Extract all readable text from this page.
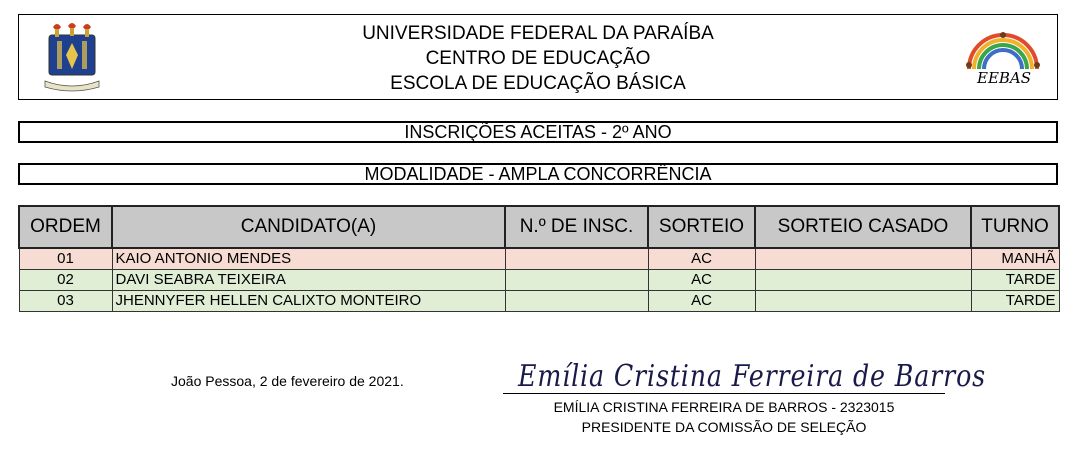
UNIVERSIDADE FEDERAL DA PARAÍBA
CENTRO DE EDUCAÇÃO
ESCOLA DE EDUCAÇÃO BÁSICA	EEBAS
INSCRIÇÕES ACEITAS - 2º ANO
MODALIDADE - AMPLA CONCORRÊNCIA
ORDEM	CANDIDATO(A)	N.º DE INSC.	SORTEIO	SORTEIO CASADO	TURNO
01	KAIO ANTONIO MENDES		AC		MANHÃ
02	DAVI SEABRA TEIXEIRA		AC		TARDE
03	JHENNYFER HELLEN CALIXTO MONTEIRO		AC		TARDE
João Pessoa, 2 de fevereiro de 2021.	Emília Cristina Ferreira de Barros
EMÍLIA CRISTINA FERREIRA DE BARROS - 2323015
PRESIDENTE DA COMISSÃO DE SELEÇÃO
